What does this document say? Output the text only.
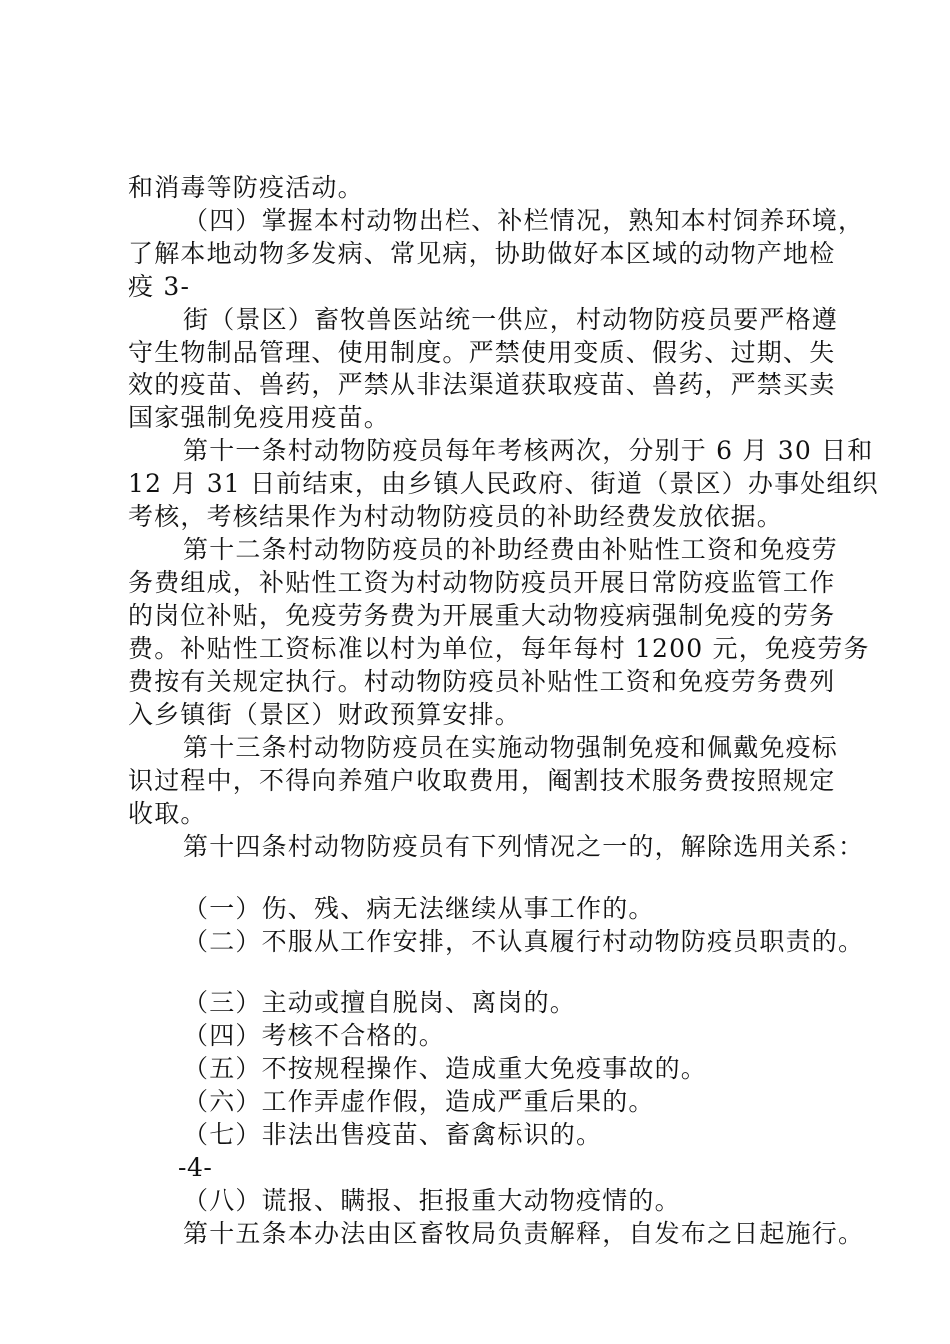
和消毒等防疫活动。
（四）掌握本村动物出栏、补栏情况，熟知本村饲养环境，
了解本地动物多发病、常见病，协助做好本区域的动物产地检
疫 3-
街（景区）畜牧兽医站统一供应，村动物防疫员要严格遵
守生物制品管理、使用制度。严禁使用变质、假劣、过期、失
效的疫苗、兽药，严禁从非法渠道获取疫苗、兽药，严禁买卖
国家强制免疫用疫苗。
第十一条村动物防疫员每年考核两次，分别于 6 月 30 日和
12 月 31 日前结束，由乡镇人民政府、街道（景区）办事处组织
考核，考核结果作为村动物防疫员的补助经费发放依据。
第十二条村动物防疫员的补助经费由补贴性工资和免疫劳
务费组成，补贴性工资为村动物防疫员开展日常防疫监管工作
的岗位补贴，免疫劳务费为开展重大动物疫病强制免疫的劳务
费。补贴性工资标准以村为单位，每年每村 1200 元，免疫劳务
费按有关规定执行。村动物防疫员补贴性工资和免疫劳务费列
入乡镇街（景区）财政预算安排。
第十三条村动物防疫员在实施动物强制免疫和佩戴免疫标
识过程中，不得向养殖户收取费用，阉割技术服务费按照规定
收取。
第十四条村动物防疫员有下列情况之一的，解除选用关系：
（一）伤、残、病无法继续从事工作的。
（二）不服从工作安排，不认真履行村动物防疫员职责的。
（三）主动或擅自脱岗、离岗的。
（四）考核不合格的。
（五）不按规程操作、造成重大免疫事故的。
（六）工作弄虚作假，造成严重后果的。
（七）非法出售疫苗、畜禽标识的。
-4-
（八）谎报、瞒报、拒报重大动物疫情的。
第十五条本办法由区畜牧局负责解释，自发布之日起施行。
